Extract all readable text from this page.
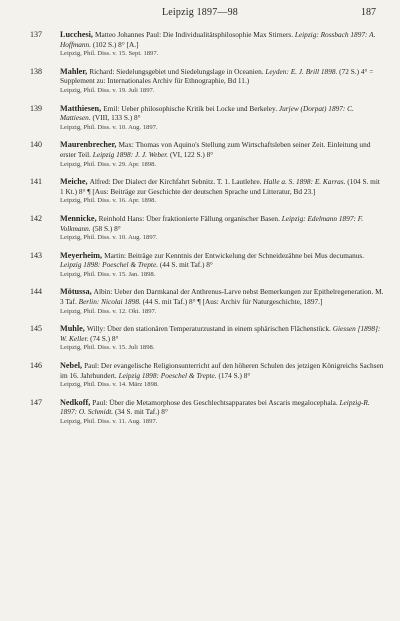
Leipzig 1897—98	187
137 Lucchesi, Matteo Johannes Paul: Die Individualitätsphilosophie Max Stirners. Leipzig: Rossbach 1897: A. Hoffmann. (102 S.) 8° [A.]
Leipzig, Phil. Diss. v. 15. Sept. 1897.
138 Mahler, Richard: Siedelungsgebiet und Siedelungslage in Oceanien. Leyden: E. J. Brill 1898. (72 S.) 4° = Supplement zu: Internationales Archiv für Ethnographie, Bd 11.)
Leipzig, Phil. Diss. v. 19. Juli 1897.
139 Matthiesen, Emil: Ueber philosophische Kritik bei Locke und Berkeley. Jurjew (Dorpat) 1897: C. Mattiesen. (VIII, 133 S.) 8°
Leipzig, Phil. Diss. v. 10. Aug. 1897.
140 Maurenbrecher, Max: Thomas von Aquino's Stellung zum Wirtschaftsleben seiner Zeit. Einleitung und erster Teil. Leipzig 1898: J. J. Weber. (VI, 122 S.) 8°
Leipzig, Phil. Diss. v. 29. Apr. 1898.
141 Meiche, Alfred: Der Dialect der Kirchfahrt Sebnitz. T. 1. Lautlehre. Halle a. S. 1898: E. Karras. (104 S. mit 1 Kt.) 8° ¶ [Aus: Beiträge zur Geschichte der deutschen Sprache und Litteratur, Bd 23.]
Leipzig, Phil. Diss. v. 16. Apr. 1898.
142 Mennicke, Reinhold Hans: Über fraktionierte Fällung organischer Basen. Leipzig: Edelmann 1897: F. Volkmann. (58 S.) 8°
Leipzig, Phil. Diss. v. 10. Aug. 1897.
143 Meyerheim, Martin: Beiträge zur Kenntnis der Entwickelung der Schneidezähne bei Mus decumanus. Leipzig 1898: Poeschel & Trepte. (44 S. mit Taf.) 8°
Leipzig, Phil. Diss. v. 15. Jan. 1898.
144 Mötussa, Albin: Ueber den Darmkanal der Anthrenus-Larve nebst Bemerkungen zur Epithelregeneration. M. 3 Taf. Berlin: Nicolai 1898. (44 S. mit Taf.) 8° ¶ [Aus: Archiv für Naturgeschichte, 1897.]
Leipzig, Phil. Diss. v. 12. Okt. 1897.
145 Muhle, Willy: Über den stationären Temperaturzustand in einem sphärischen Flächenstück. Giessen [1898]: W. Keller. (74 S.) 8°
Leipzig, Phil. Diss. v. 15. Juli 1898.
146 Nebel, Paul: Der evangelische Religionsunterricht auf den höheren Schulen des jetzigen Königreichs Sachsen im 16. Jahrhundert. Leipzig 1898: Poeschel & Trepte. (174 S.) 8°
Leipzig, Phil. Diss. v. 14. März 1898.
147 Nedkoff, Paul: Über die Metamorphose des Geschlechtsapparates bei Ascaris megalocephala. Leipzig-R. 1897: O. Schmidt. (34 S. mit Taf.) 8°
Leipzig, Phil. Diss. v. 11. Aug. 1897.
